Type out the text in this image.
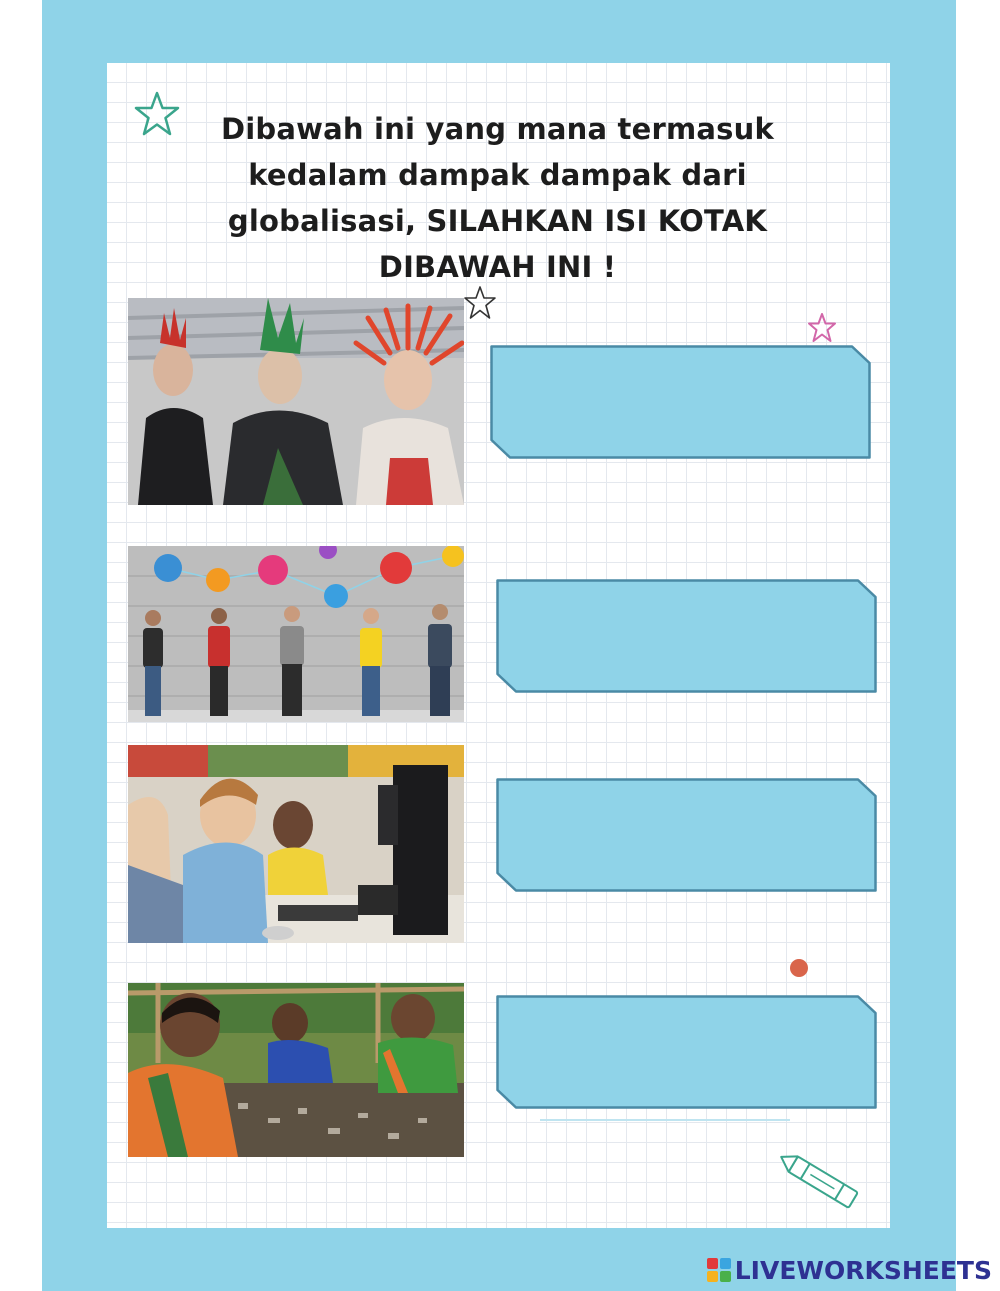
Dibawah ini yang mana termasuk
kedalam dampak dampak dari
globalisasi, SILAHKAN ISI KOTAK
DIBAWAH INI !
LIVEWORKSHEETS
